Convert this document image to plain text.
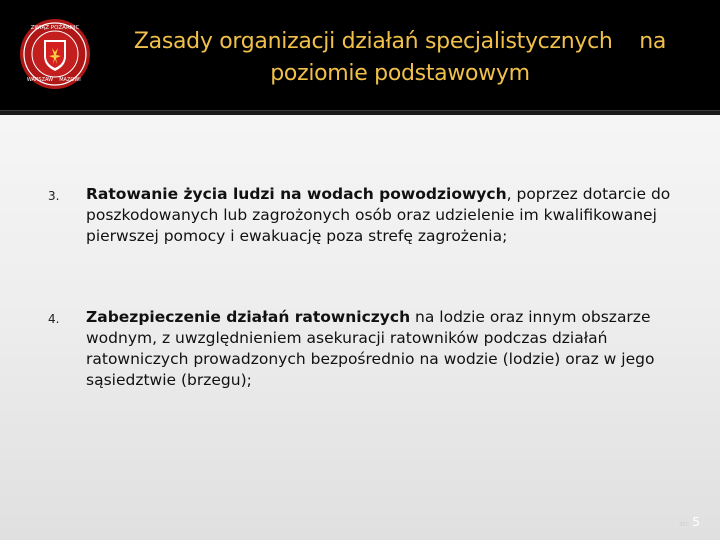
ZWIĄZ POŻARNIC
WARSZAW MAZOWI
Zasady organizacji działań specjalistycznych    na
poziomie podstawowym
3. Ratowanie życia ludzi na wodach powodziowych, poprzez dotarcie do poszkodowanych lub zagrożonych osób oraz udzielenie im kwalifikowanej pierwszej pomocy i ewakuację poza strefę zagrożenia;
4. Zabezpieczenie działań ratowniczych na lodzie oraz innym obszarze wodnym, z uwzględnieniem asekuracji ratowników podczas działań ratowniczych prowadzonych bezpośrednio na wodzie (lodzie) oraz w jego sąsiedztwie (brzegu);
str. 5
